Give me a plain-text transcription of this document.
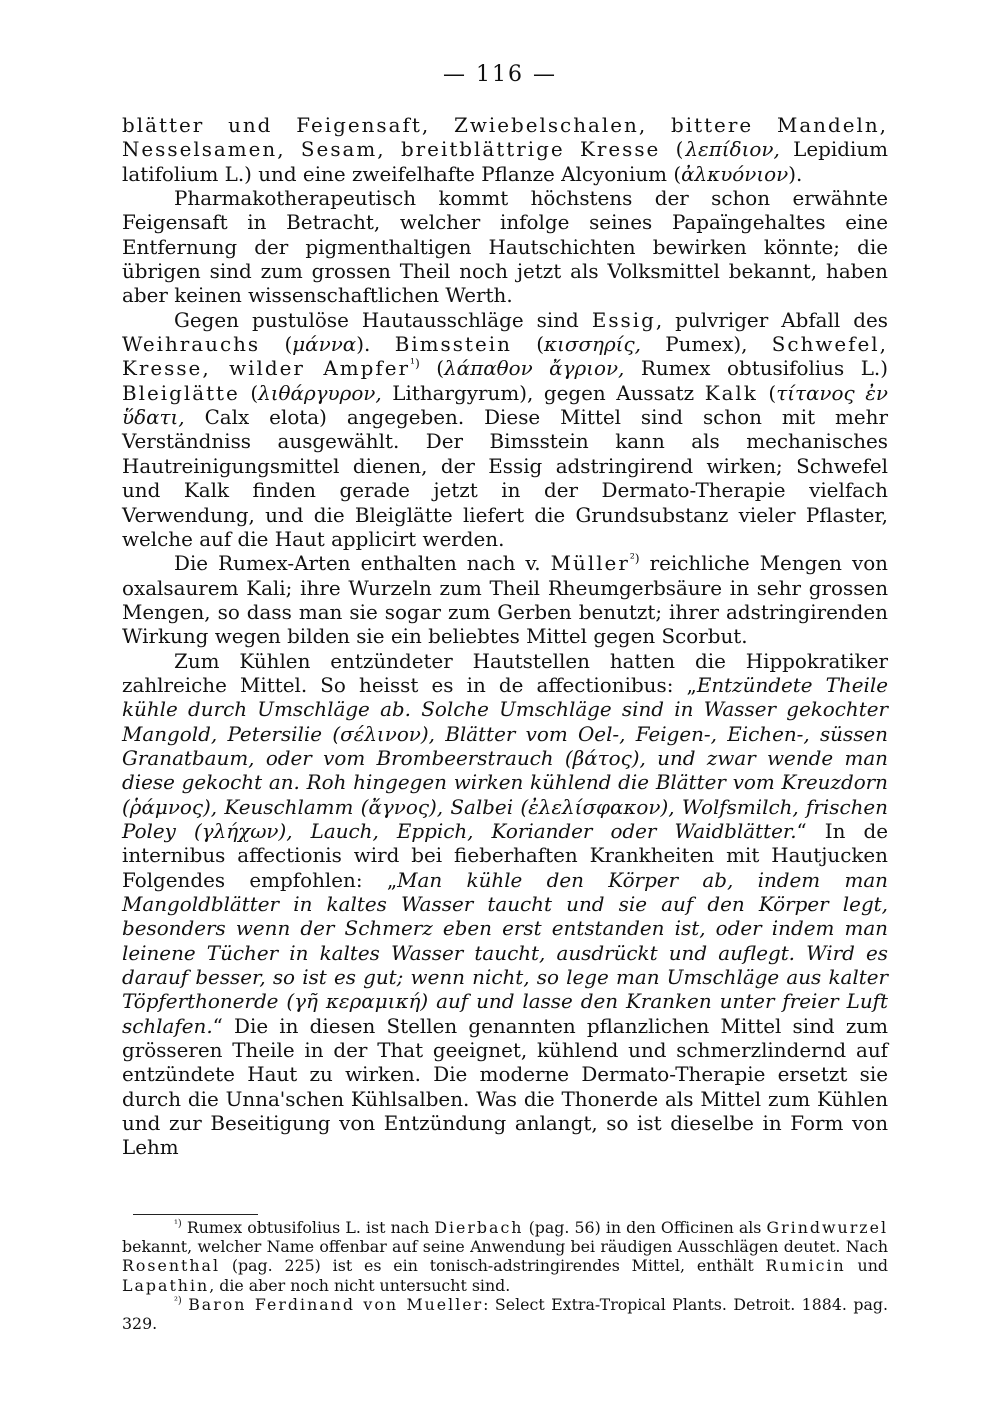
— 116 —

blätter und Feigensaft, Zwiebelschalen, bittere Mandeln, Nesselsamen, Sesam, breitblättrige Kresse (λεπίδιον, Lepidium latifolium L.) und eine zweifelhafte Pflanze Alcyonium (ἀλκυόνιον).

Pharmakotherapeutisch kommt höchstens der schon erwähnte Feigensaft in Betracht, welcher infolge seines Papaïngehaltes eine Entfernung der pigmenthaltigen Hautschichten bewirken könnte; die übrigen sind zum grossen Theil noch jetzt als Volksmittel bekannt, haben aber keinen wissenschaftlichen Werth.

Gegen pustulöse Hautausschläge sind Essig, pulvriger Abfall des Weihrauchs (μάννα). Bimsstein (κισσηρίς, Pumex), Schwefel, Kresse, wilder Ampfer$^{^1)}$ (λάπαθον ἄγριον, Rumex obtusifolius L.) Bleiglätte (λιθάργυρον, Lithargyrum), gegen Aussatz Kalk (τίτανος ἐν ὕδατι, Calx elota) angegeben. Diese Mittel sind schon mit mehr Verständniss ausgewählt. Der Bimsstein kann als mechanisches Hautreinigungsmittel dienen, der Essig adstringirend wirken; Schwefel und Kalk finden gerade jetzt in der Dermato-Therapie vielfach Verwendung, und die Bleiglätte liefert die Grundsubstanz vieler Pflaster, welche auf die Haut applicirt werden.

Die Rumex-Arten enthalten nach v. Müller$^{^2)}$ reichliche Mengen von oxalsaurem Kali; ihre Wurzeln zum Theil Rheumgerbsäure in sehr grossen Mengen, so dass man sie sogar zum Gerben benutzt; ihrer adstringirenden Wirkung wegen bilden sie ein beliebtes Mittel gegen Scorbut.

Zum Kühlen entzündeter Hautstellen hatten die Hippokratiker zahlreiche Mittel. So heisst es in de affectionibus: „Entzündete Theile kühle durch Umschläge ab. Solche Umschläge sind in Wasser gekochter Mangold, Petersilie (σέλινον), Blätter vom Oel-, Feigen-, Eichen-, süssen Granatbaum, oder vom Brombeerstrauch (βάτος), und zwar wende man diese gekocht an. Roh hingegen wirken kühlend die Blätter vom Kreuzdorn (ῥάμνος), Keuschlamm (ἄγνος), Salbei (ἐλελίσφακον), Wolfsmilch, frischen Poley (γλήχων), Lauch, Eppich, Koriander oder Waidblätter.“ In de internibus affectionis wird bei fieberhaften Krankheiten mit Hautjucken Folgendes empfohlen: „Man kühle den Körper ab, indem man Mangoldblätter in kaltes Wasser taucht und sie auf den Körper legt, besonders wenn der Schmerz eben erst entstanden ist, oder indem man leinene Tücher in kaltes Wasser taucht, ausdrückt und auflegt. Wird es darauf besser, so ist es gut; wenn nicht, so lege man Umschläge aus kalter Töpferthonerde (γῆ κεραμική) auf und lasse den Kranken unter freier Luft schlafen.“ Die in diesen Stellen genannten pflanzlichen Mittel sind zum grösseren Theile in der That geeignet, kühlend und schmerzlindernd auf entzündete Haut zu wirken. Die moderne Dermato-Therapie ersetzt sie durch die Unna'schen Kühlsalben. Was die Thonerde als Mittel zum Kühlen und zur Beseitigung von Entzündung anlangt, so ist dieselbe in Form von Lehm

$^{^1)}$ Rumex obtusifolius L. ist nach Dierbach (pag. 56) in den Officinen als Grindwurzel bekannt, welcher Name offenbar auf seine Anwendung bei räudigen Ausschlägen deutet. Nach Rosenthal (pag. 225) ist es ein tonisch-adstringirendes Mittel, enthält Rumicin und Lapathin, die aber noch nicht untersucht sind.

$^{^2)}$ Baron Ferdinand von Mueller: Select Extra-Tropical Plants. Detroit. 1884. pag. 329.
